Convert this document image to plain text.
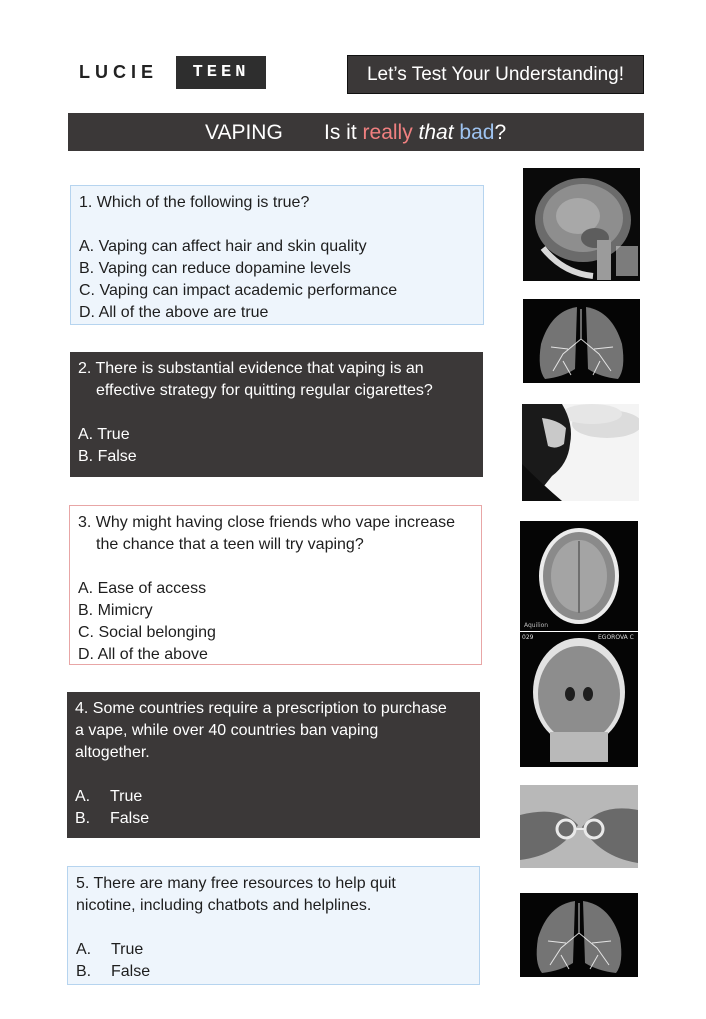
LUCIE TEEN	Let’s Test Your Understanding!
VAPING Is it really that bad?

1. Which of the following is true?

A. Vaping can affect hair and skin quality

B. Vaping can reduce dopamine levels

C. Vaping can impact academic performance

D. All of the above are true

2. There is substantial evidence that vaping is an
effective strategy for quitting regular cigarettes?

A. True

B. False

3. Why might having close friends who vape increase
the chance that a teen will try vaping?

A. Ease of access

B. Mimicry

C. Social belonging

D. All of the above

4. Some countries require a prescription to purchase
a vape, while over 40 countries ban vaping
altogether.

A. True

B. False

5. There are many free resources to help quit
nicotine, including chatbots and helplines.

A. True

B. False

Aquilion
029	EGOROVA C
